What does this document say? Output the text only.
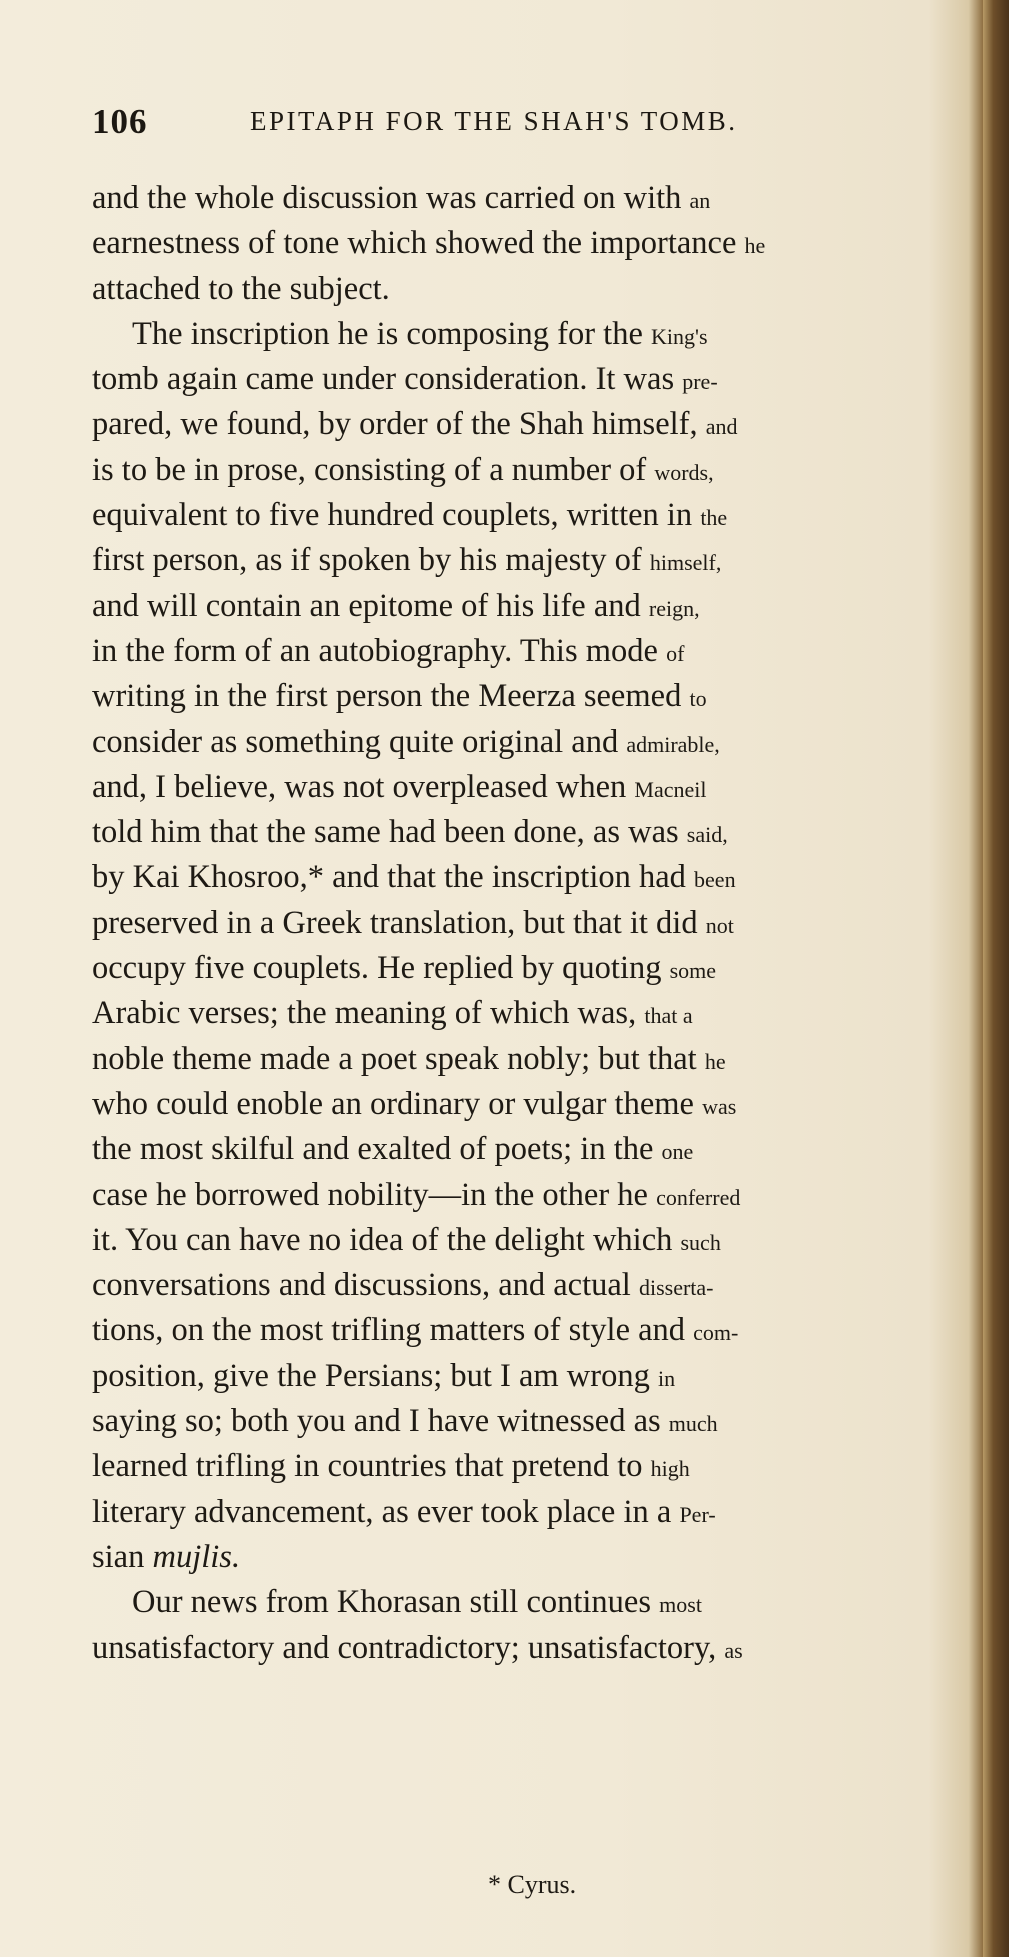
106	EPITAPH FOR THE SHAH'S TOMB.
and the whole discussion was carried on with an
earnestness of tone which showed the importance he
attached to the subject.
The inscription he is composing for the King's
tomb again came under consideration. It was pre-
pared, we found, by order of the Shah himself, and
is to be in prose, consisting of a number of words,
equivalent to five hundred couplets, written in the
first person, as if spoken by his majesty of himself,
and will contain an epitome of his life and reign,
in the form of an autobiography. This mode of
writing in the first person the Meerza seemed to
consider as something quite original and admirable,
and, I believe, was not overpleased when Macneil
told him that the same had been done, as was said,
by Kai Khosroo,* and that the inscription had been
preserved in a Greek translation, but that it did not
occupy five couplets. He replied by quoting some
Arabic verses; the meaning of which was, that a
noble theme made a poet speak nobly; but that he
who could enoble an ordinary or vulgar theme was
the most skilful and exalted of poets; in the one
case he borrowed nobility—in the other he conferred
it. You can have no idea of the delight which such
conversations and discussions, and actual disserta-
tions, on the most trifling matters of style and com-
position, give the Persians; but I am wrong in
saying so; both you and I have witnessed as much
learned trifling in countries that pretend to high
literary advancement, as ever took place in a Per-
sian mujlis.
Our news from Khorasan still continues most
unsatisfactory and contradictory; unsatisfactory, as
* Cyrus.
